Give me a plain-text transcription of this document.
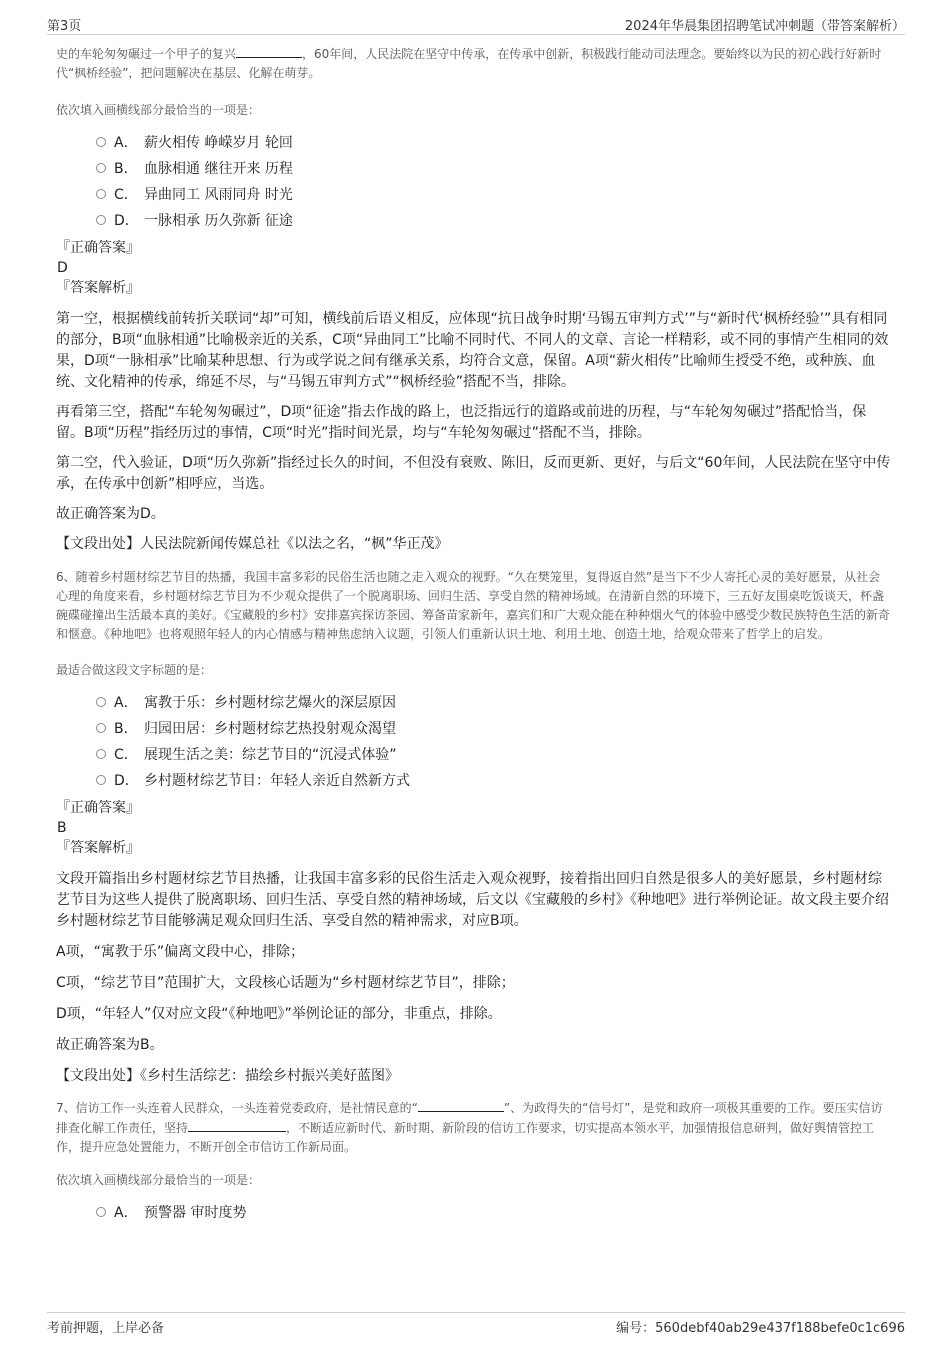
第3页	2024年华晨集团招聘笔试冲刺题（带答案解析）

史的车轮匆匆碾过一个甲子的复兴	，60年间，人民法院在坚守中传承，在传承中创新，积极践行能动司法理念。要始终以为民的初心践行好新时代“枫桥经验”，把问题解决在基层、化解在萌芽。

依次填入画横线部分最恰当的一项是：

A． 薪火相传 峥嵘岁月 轮回
B． 血脉相通 继往开来 历程
C． 异曲同工 风雨同舟 时光
D． 一脉相承 历久弥新 征途

『正确答案』

D

『答案解析』

第一空，根据横线前转折关联词“却”可知，横线前后语义相反，应体现“抗日战争时期‘马锡五审判方式’”与“新时代‘枫桥经验’”具有相同的部分，B项“血脉相通”比喻极亲近的关系，C项“异曲同工”比喻不同时代、不同人的文章、言论一样精彩，或不同的事情产生相同的效果，D项“一脉相承”比喻某种思想、行为或学说之间有继承关系，均符合文意，保留。A项“薪火相传”比喻师生授受不绝，或种族、血统、文化精神的传承，绵延不尽，与“马锡五审判方式”“枫桥经验”搭配不当，排除。

再看第三空，搭配“车轮匆匆碾过”，D项“征途”指去作战的路上，也泛指远行的道路或前进的历程，与“车轮匆匆碾过”搭配恰当，保留。B项“历程”指经历过的事情，C项“时光”指时间光景，均与“车轮匆匆碾过”搭配不当，排除。

第二空，代入验证，D项“历久弥新”指经过长久的时间，不但没有衰败、陈旧，反而更新、更好，与后文“60年间，人民法院在坚守中传承，在传承中创新”相呼应，当选。

故正确答案为D。

【文段出处】人民法院新闻传媒总社《以法之名，“枫”华正茂》

6、随着乡村题材综艺节目的热播，我国丰富多彩的民俗生活也随之走入观众的视野。“久在樊笼里，复得返自然”是当下不少人寄托心灵的美好愿景，从社会心理的角度来看，乡村题材综艺节目为不少观众提供了一个脱离职场、回归生活、享受自然的精神场域。在清新自然的环境下，三五好友围桌吃饭谈天，杯盏碗碟碰撞出生活最本真的美好。《宝藏般的乡村》安排嘉宾探访茶园、筹备苗家新年，嘉宾们和广大观众能在种种烟火气的体验中感受少数民族特色生活的新奇和惬意。《种地吧》也将观照年轻人的内心情感与精神焦虑纳入议题，引领人们重新认识土地、利用土地、创造土地，给观众带来了哲学上的启发。

最适合做这段文字标题的是：

A． 寓教于乐：乡村题材综艺爆火的深层原因
B． 归园田居：乡村题材综艺热投射观众渴望
C． 展现生活之美：综艺节目的“沉浸式体验”
D． 乡村题材综艺节目：年轻人亲近自然新方式

『正确答案』

B

『答案解析』

文段开篇指出乡村题材综艺节目热播，让我国丰富多彩的民俗生活走入观众视野，接着指出回归自然是很多人的美好愿景，乡村题材综艺节目为这些人提供了脱离职场、回归生活、享受自然的精神场域，后文以《宝藏般的乡村》《种地吧》进行举例论证。故文段主要介绍乡村题材综艺节目能够满足观众回归生活、享受自然的精神需求，对应B项。

A项，“寓教于乐”偏离文段中心，排除；

C项，“综艺节目”范围扩大，文段核心话题为“乡村题材综艺节目”，排除；

D项，“年轻人”仅对应文段“《种地吧》”举例论证的部分，非重点，排除。

故正确答案为B。

【文段出处】《乡村生活综艺：描绘乡村振兴美好蓝图》

7、信访工作一头连着人民群众，一头连着党委政府，是社情民意的“	”、为政得失的“信号灯”，是党和政府一项极其重要的工作。要压实信访排查化解工作责任，坚持	，不断适应新时代、新时期、新阶段的信访工作要求，切实提高本领水平，加强情报信息研判，做好舆情管控工作，提升应急处置能力，不断开创全市信访工作新局面。

依次填入画横线部分最恰当的一项是：

A． 预警器 审时度势
考前押题，上岸必备	编号：560debf40ab29e437f188befe0c1c696
